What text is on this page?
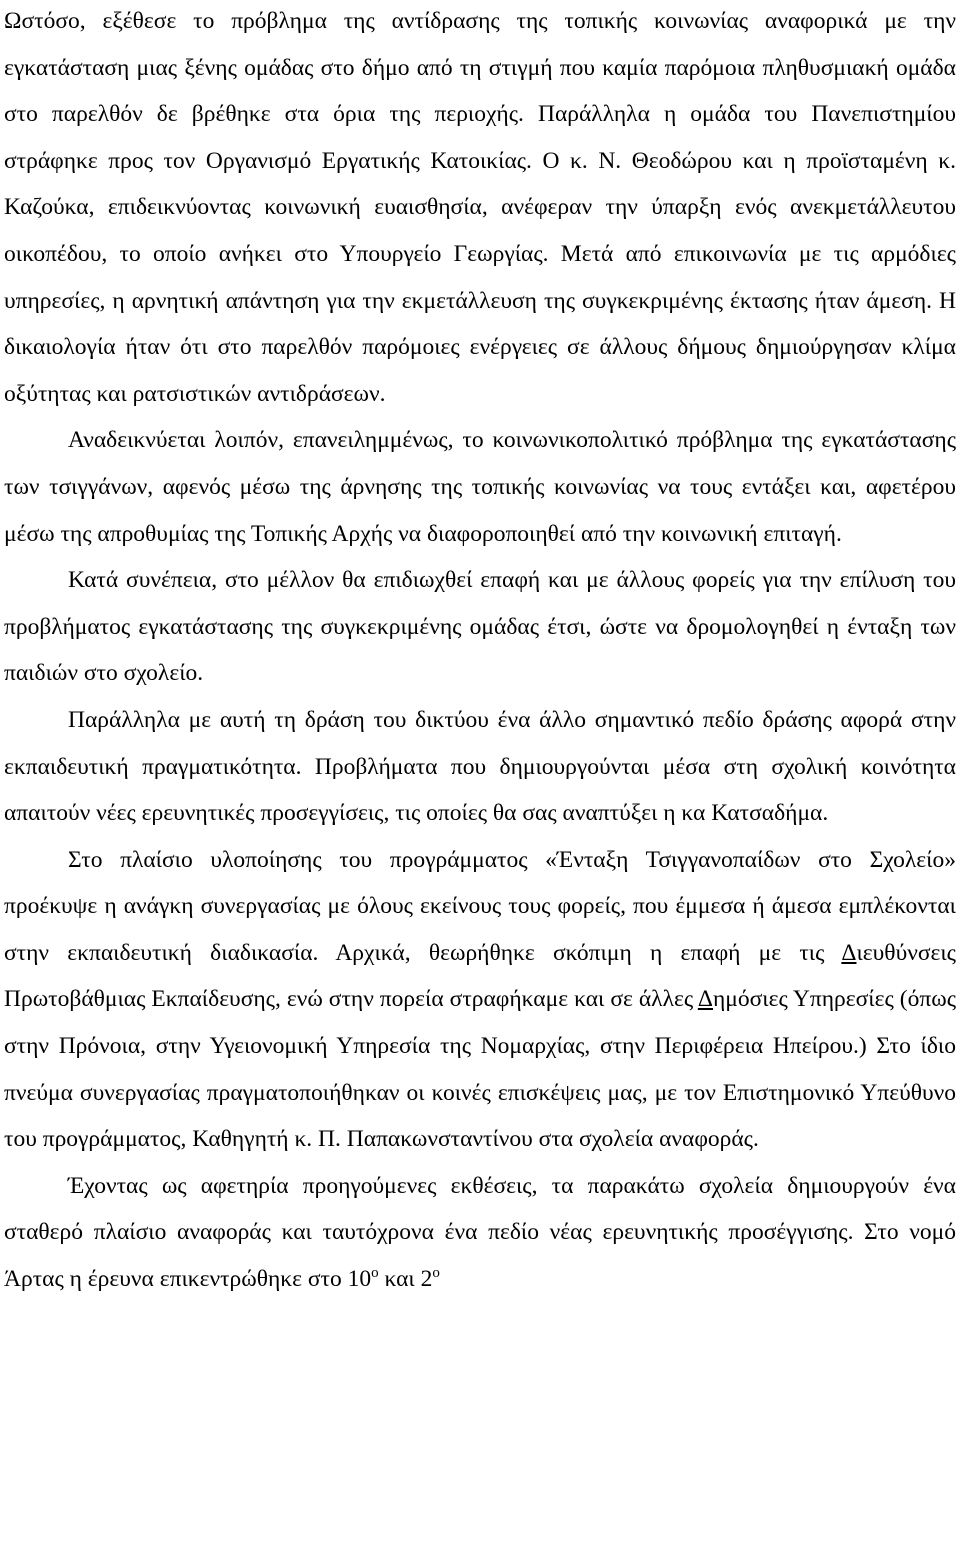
Ωστόσο, εξέθεσε το πρόβλημα της αντίδρασης της τοπικής κοινωνίας αναφορικά με την εγκατάσταση μιας ξένης ομάδας στο δήμο από τη στιγμή που καμία παρόμοια πληθυσμιακή ομάδα στο παρελθόν δε βρέθηκε στα όρια της περιοχής. Παράλληλα η ομάδα του Πανεπιστημίου στράφηκε προς τον Οργανισμό Εργατικής Κατοικίας. Ο κ. Ν. Θεοδώρου και η προϊσταμένη κ. Καζούκα, επιδεικνύοντας κοινωνική ευαισθησία, ανέφεραν την ύπαρξη ενός ανεκμετάλλευτου οικοπέδου, το οποίο ανήκει στο Υπουργείο Γεωργίας. Μετά από επικοινωνία με τις αρμόδιες υπηρεσίες, η αρνητική απάντηση για την εκμετάλλευση της συγκεκριμένης έκτασης ήταν άμεση. Η δικαιολογία ήταν ότι στο παρελθόν παρόμοιες ενέργειες σε άλλους δήμους δημιούργησαν κλίμα οξύτητας και ρατσιστικών αντιδράσεων.

Αναδεικνύεται λοιπόν, επανειλημμένως, το κοινωνικοπολιτικό πρόβλημα της εγκατάστασης των τσιγγάνων, αφενός μέσω της άρνησης της τοπικής κοινωνίας να τους εντάξει και, αφετέρου μέσω της απροθυμίας της Τοπικής Αρχής να διαφοροποιηθεί από την κοινωνική επιταγή.

Κατά συνέπεια, στο μέλλον θα επιδιωχθεί επαφή και με άλλους φορείς για την επίλυση του προβλήματος εγκατάστασης της συγκεκριμένης ομάδας έτσι, ώστε να δρομολογηθεί η ένταξη των παιδιών στο σχολείο.

Παράλληλα με αυτή τη δράση του δικτύου ένα άλλο σημαντικό πεδίο δράσης αφορά στην εκπαιδευτική πραγματικότητα. Προβλήματα που δημιουργούνται μέσα στη σχολική κοινότητα απαιτούν νέες ερευνητικές προσεγγίσεις, τις οποίες θα σας αναπτύξει η κα Κατσαδήμα.

Στο πλαίσιο υλοποίησης του προγράμματος «Ένταξη Τσιγγανοπαίδων στο Σχολείο» προέκυψε η ανάγκη συνεργασίας με όλους εκείνους τους φορείς, που έμμεσα ή άμεσα εμπλέκονται στην εκπαιδευτική διαδικασία. Αρχικά, θεωρήθηκε σκόπιμη η επαφή με τις Διευθύνσεις Πρωτοβάθμιας Εκπαίδευσης, ενώ στην πορεία στραφήκαμε και σε άλλες Δημόσιες Υπηρεσίες (όπως στην Πρόνοια, στην Υγειονομική Υπηρεσία της Νομαρχίας, στην Περιφέρεια Ηπείρου.) Στο ίδιο πνεύμα συνεργασίας πραγματοποιήθηκαν οι κοινές επισκέψεις μας, με τον Επιστημονικό Υπεύθυνο του προγράμματος, Καθηγητή κ. Π. Παπακωνσταντίνου στα σχολεία αναφοράς.

Έχοντας ως αφετηρία προηγούμενες εκθέσεις, τα παρακάτω σχολεία δημιουργούν ένα σταθερό πλαίσιο αναφοράς και ταυτόχρονα ένα πεδίο νέας ερευνητικής προσέγγισης. Στο νομό Άρτας η έρευνα επικεντρώθηκε στο $10^o$ και $2^o$
